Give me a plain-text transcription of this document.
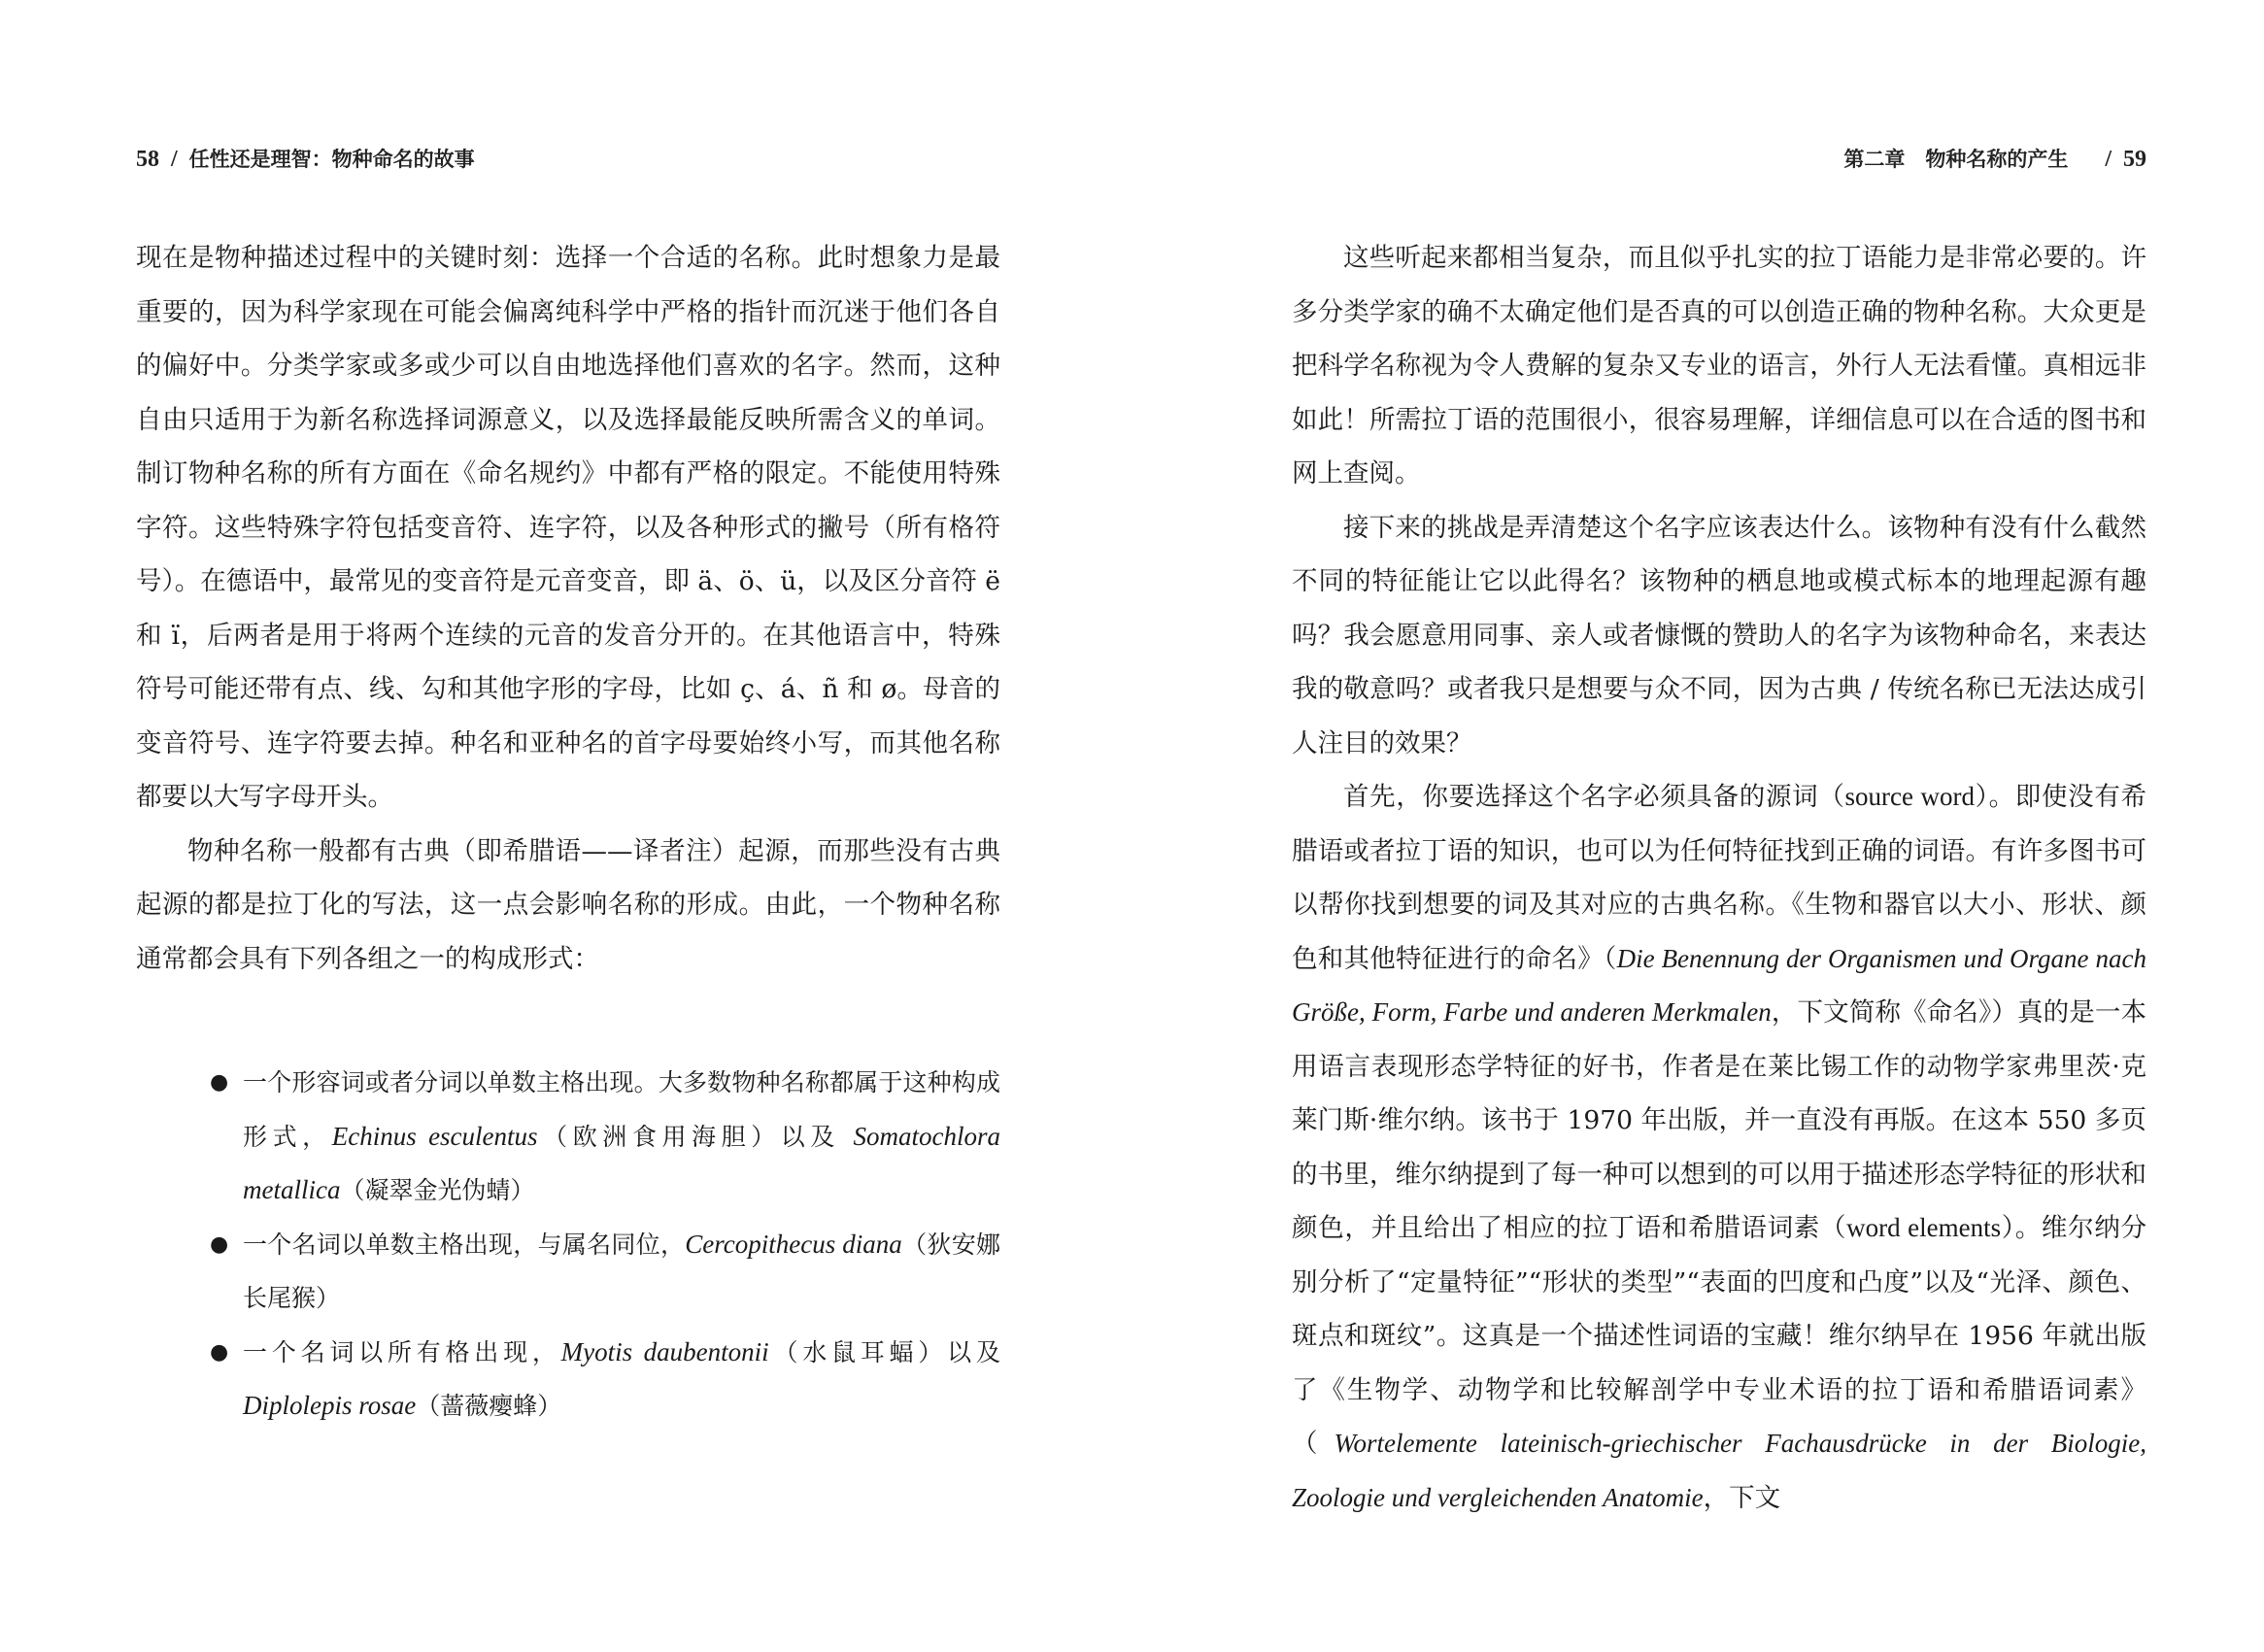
58 / 任性还是理智：物种命名的故事

现在是物种描述过程中的关键时刻：选择一个合适的名称。此时想象力是最重要的，因为科学家现在可能会偏离纯科学中严格的指针而沉迷于他们各自的偏好中。分类学家或多或少可以自由地选择他们喜欢的名字。然而，这种自由只适用于为新名称选择词源意义，以及选择最能反映所需含义的单词。制订物种名称的所有方面在《命名规约》中都有严格的限定。不能使用特殊字符。这些特殊字符包括变音符、连字符，以及各种形式的撇号（所有格符号）。在德语中，最常见的变音符是元音变音，即 ä、ö、ü，以及区分音符 ë 和 ï，后两者是用于将两个连续的元音的发音分开的。在其他语言中，特殊符号可能还带有点、线、勾和其他字形的字母，比如 ç、á、ñ 和 ø。母音的变音符号、连字符要去掉。种名和亚种名的首字母要始终小写，而其他名称都要以大写字母开头。

物种名称一般都有古典（即希腊语——译者注）起源，而那些没有古典起源的都是拉丁化的写法，这一点会影响名称的形成。由此，一个物种名称通常都会具有下列各组之一的构成形式：

● 一个形容词或者分词以单数主格出现。大多数物种名称都属于这种构成形式，Echinus esculentus（欧洲食用海胆）以及 Somatochlora metallica（凝翠金光伪蜻）
● 一个名词以单数主格出现，与属名同位，Cercopithecus diana（狄安娜长尾猴）
● 一个名词以所有格出现，Myotis daubentonii（水鼠耳蝠）以及 Diplolepis rosae（蔷薇瘿蜂）
第二章　物种名称的产生 / 59

这些听起来都相当复杂，而且似乎扎实的拉丁语能力是非常必要的。许多分类学家的确不太确定他们是否真的可以创造正确的物种名称。大众更是把科学名称视为令人费解的复杂又专业的语言，外行人无法看懂。真相远非如此！所需拉丁语的范围很小，很容易理解，详细信息可以在合适的图书和网上查阅。

接下来的挑战是弄清楚这个名字应该表达什么。该物种有没有什么截然不同的特征能让它以此得名？该物种的栖息地或模式标本的地理起源有趣吗？我会愿意用同事、亲人或者慷慨的赞助人的名字为该物种命名，来表达我的敬意吗？或者我只是想要与众不同，因为古典 / 传统名称已无法达成引人注目的效果？

首先，你要选择这个名字必须具备的源词（source word）。即使没有希腊语或者拉丁语的知识，也可以为任何特征找到正确的词语。有许多图书可以帮你找到想要的词及其对应的古典名称。《生物和器官以大小、形状、颜色和其他特征进行的命名》（Die Benennung der Organismen und Organe nach Größe, Form, Farbe und anderen Merkmalen，下文简称《命名》）真的是一本用语言表现形态学特征的好书，作者是在莱比锡工作的动物学家弗里茨·克莱门斯·维尔纳。该书于 1970 年出版，并一直没有再版。在这本 550 多页的书里，维尔纳提到了每一种可以想到的可以用于描述形态学特征的形状和颜色，并且给出了相应的拉丁语和希腊语词素（word elements）。维尔纳分别分析了“定量特征”“形状的类型”“表面的凹度和凸度”以及“光泽、颜色、斑点和斑纹”。这真是一个描述性词语的宝藏！维尔纳早在 1956 年就出版了《生物学、动物学和比较解剖学中专业术语的拉丁语和希腊语词素》（Wortelemente lateinisch-griechischer Fachausdrücke in der Biologie, Zoologie und vergleichenden Anatomie，下文
